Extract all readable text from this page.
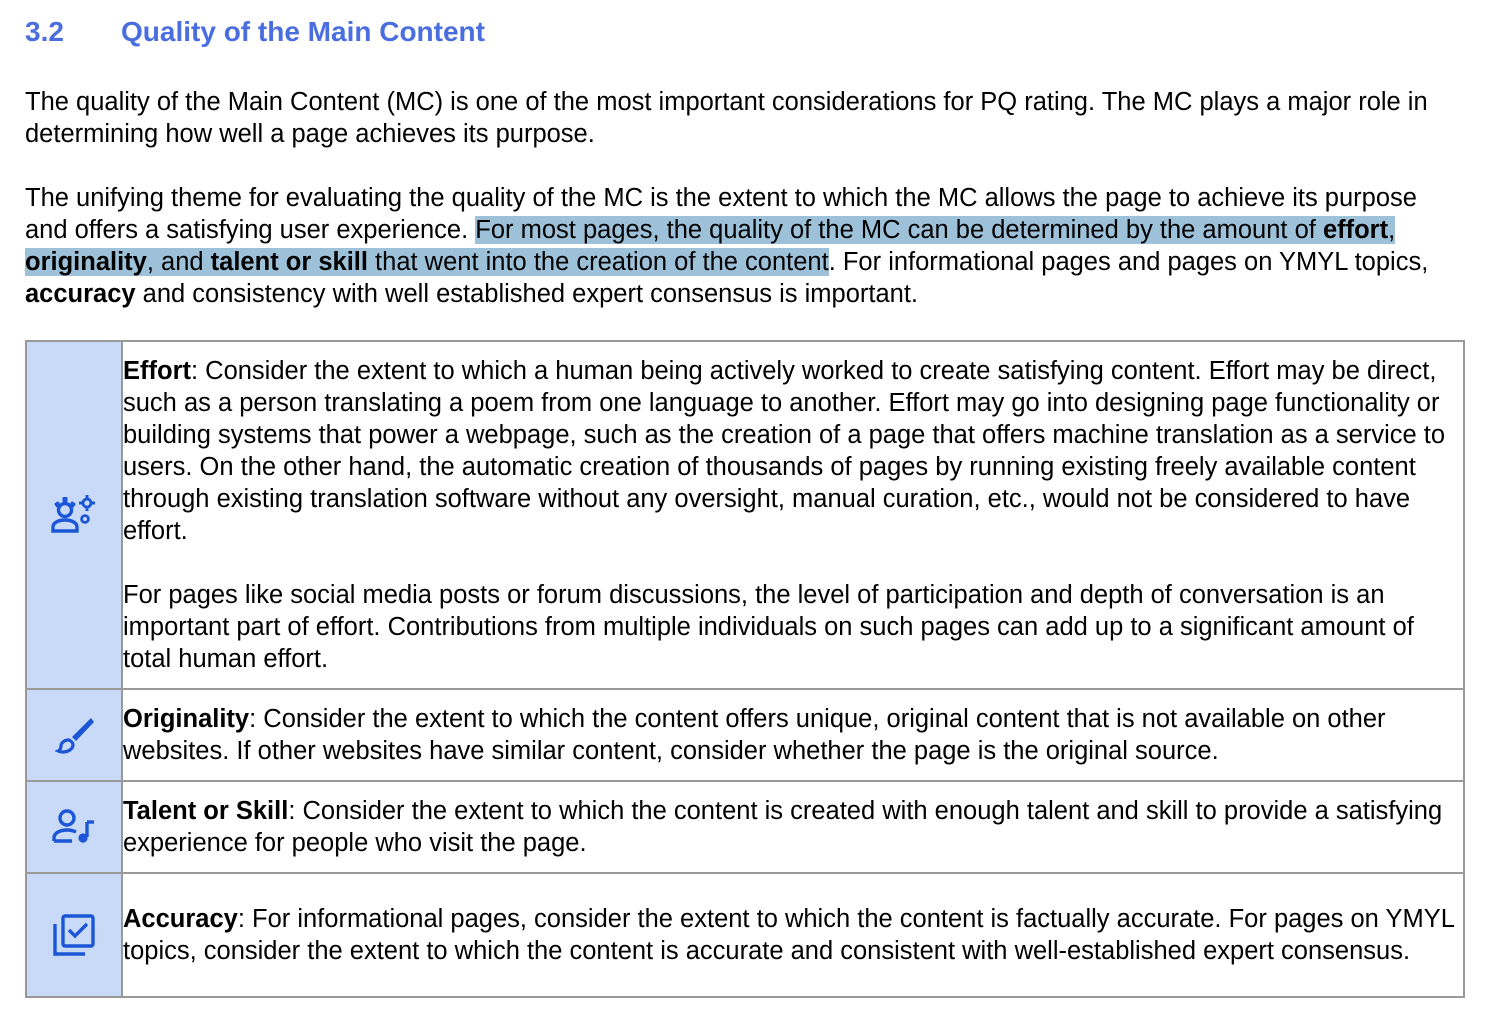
3.2	Quality of the Main Content

The quality of the Main Content (MC) is one of the most important considerations for PQ rating. The MC plays a major role in determining how well a page achieves its purpose.

The unifying theme for evaluating the quality of the MC is the extent to which the MC allows the page to achieve its purpose and offers a satisfying user experience. For most pages, the quality of the MC can be determined by the amount of effort, originality, and talent or skill that went into the creation of the content. For informational pages and pages on YMYL topics, accuracy and consistency with well established expert consensus is important.

Effort: Consider the extent to which a human being actively worked to create satisfying content. Effort may be direct, such as a person translating a poem from one language to another. Effort may go into designing page functionality or building systems that power a webpage, such as the creation of a page that offers machine translation as a service to users. On the other hand, the automatic creation of thousands of pages by running existing freely available content through existing translation software without any oversight, manual curation, etc., would not be considered to have effort.

For pages like social media posts or forum discussions, the level of participation and depth of conversation is an important part of effort. Contributions from multiple individuals on such pages can add up to a significant amount of total human effort.

Originality: Consider the extent to which the content offers unique, original content that is not available on other websites. If other websites have similar content, consider whether the page is the original source.

Talent or Skill: Consider the extent to which the content is created with enough talent and skill to provide a satisfying experience for people who visit the page.

Accuracy: For informational pages, consider the extent to which the content is factually accurate. For pages on YMYL topics, consider the extent to which the content is accurate and consistent with well-established expert consensus.
